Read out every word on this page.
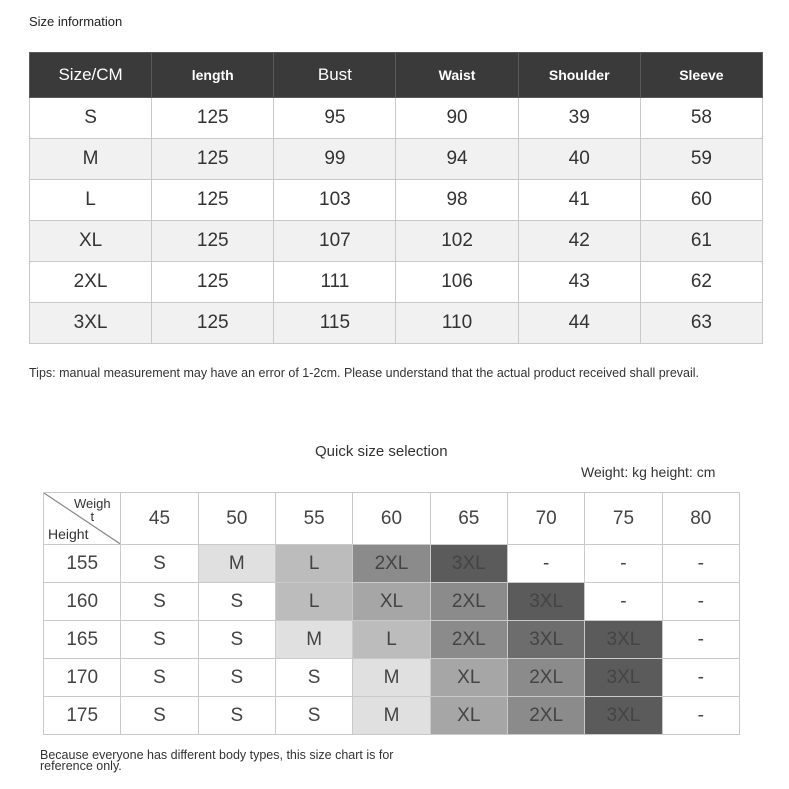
Size information
Size/CM	length	Bust	Waist	Shoulder	Sleeve
S	125	95	90	39	58
M	125	99	94	40	59
L	125	103	98	41	60
XL	125	107	102	42	61
2XL	125	111	106	43	62
3XL	125	115	110	44	63
Tips: manual measurement may have an error of 1-2cm. Please understand that the actual product received shall prevail.
Quick size selection
Weight: kg height: cm
Weight
Height	45	50	55	60	65	70	75	80
155	S	M	L	2XL	3XL	-	-	-
160	S	S	L	XL	2XL	3XL	-	-
165	S	S	M	L	2XL	3XL	3XL	-
170	S	S	S	M	XL	2XL	3XL	-
175	S	S	S	M	XL	2XL	3XL	-
Because everyone has different body types, this size chart is for reference only.
